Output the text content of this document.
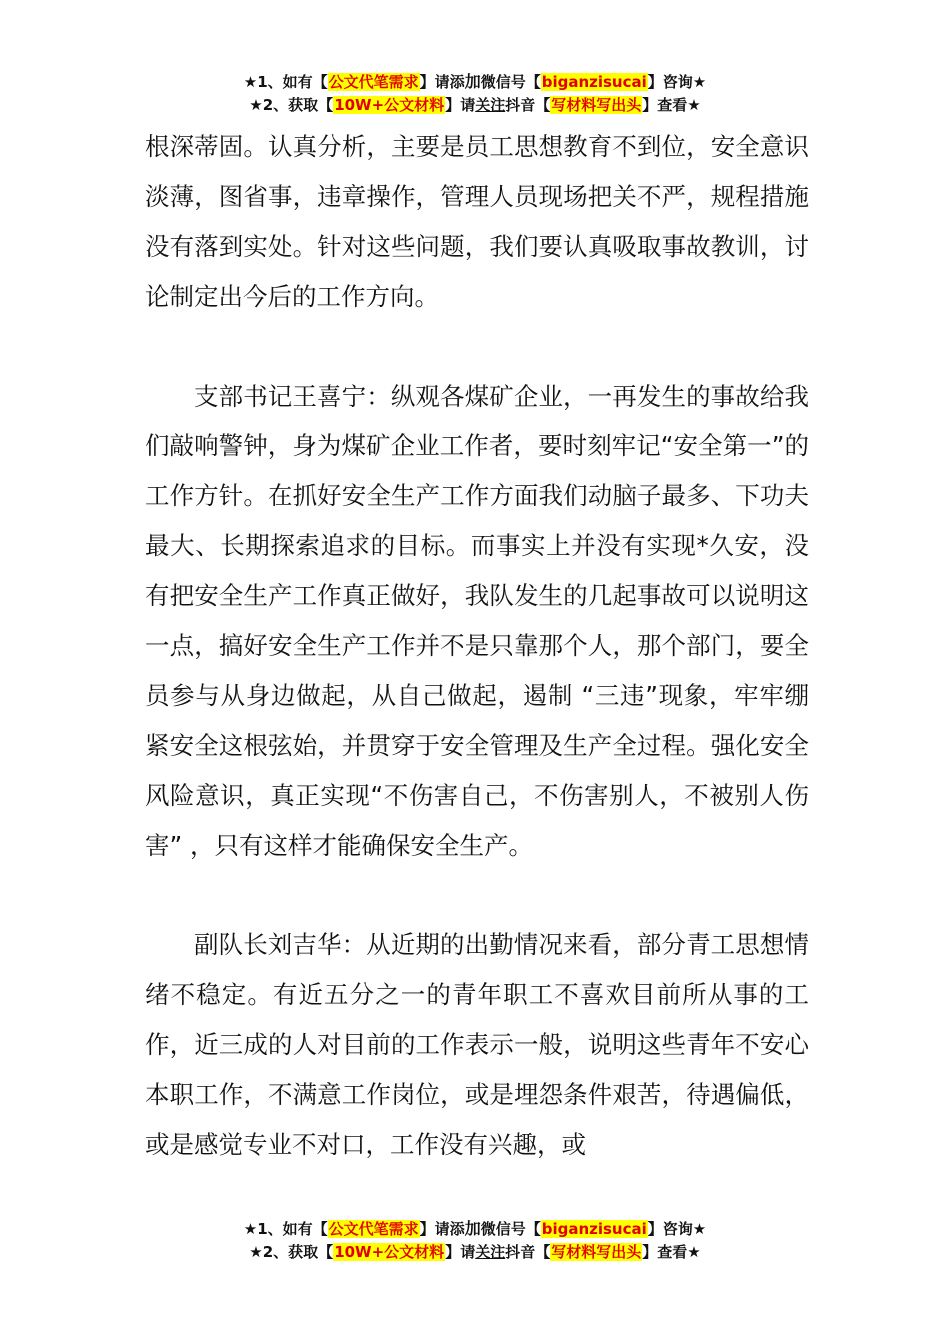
★1、如有【公文代笔需求】请添加微信号【biganzisucai】咨询★
★2、获取【10W+公文材料】请关注抖音【写材料写出头】查看★

根深蒂固。认真分析，主要是员工思想教育不到位，安全意识淡薄，图省事，违章操作，管理人员现场把关不严，规程措施没有落到实处。针对这些问题，我们要认真吸取事故教训，讨论制定出今后的工作方向。

支部书记王喜宁：纵观各煤矿企业，一再发生的事故给我们敲响警钟，身为煤矿企业工作者，要时刻牢记“安全第一”的工作方针。在抓好安全生产工作方面我们动脑子最多、下功夫最大、长期探索追求的目标。而事实上并没有实现*久安，没有把安全生产工作真正做好，我队发生的几起事故可以说明这一点，搞好安全生产工作并不是只靠那个人，那个部门，要全员参与从身边做起，从自己做起，遏制 “三违”现象，牢牢绷紧安全这根弦始，并贯穿于安全管理及生产全过程。强化安全风险意识，真正实现“不伤害自己，不伤害别人，不被别人伤害” ，只有这样才能确保安全生产。

副队长刘吉华：从近期的出勤情况来看，部分青工思想情绪不稳定。有近五分之一的青年职工不喜欢目前所从事的工作，近三成的人对目前的工作表示一般，说明这些青年不安心本职工作，不满意工作岗位，或是埋怨条件艰苦，待遇偏低，或是感觉专业不对口，工作没有兴趣，或

★1、如有【公文代笔需求】请添加微信号【biganzisucai】咨询★
★2、获取【10W+公文材料】请关注抖音【写材料写出头】查看★
